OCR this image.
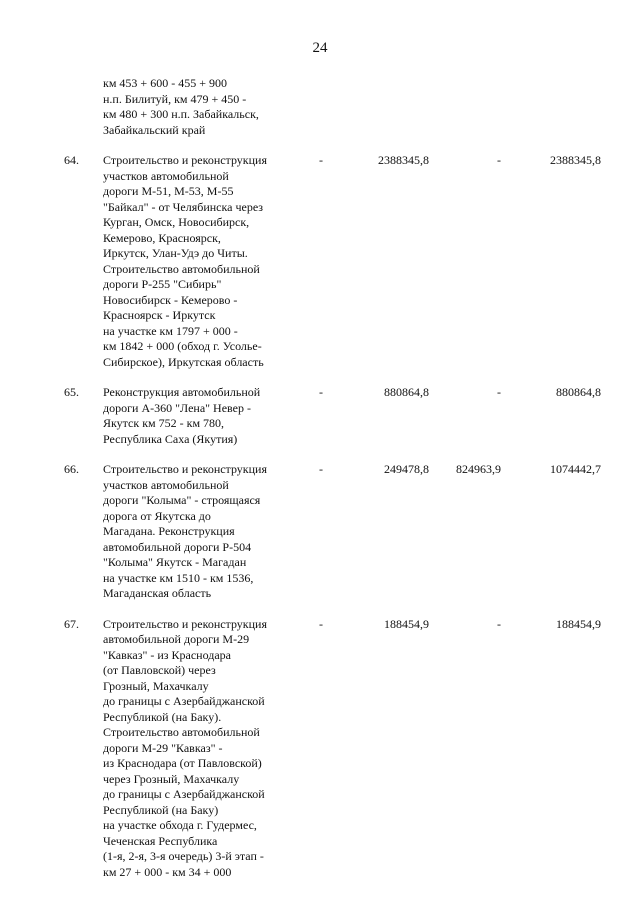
24
км 453 + 600 - 455 + 900
н.п. Билитуй, км 479 + 450 -
км 480 + 300 н.п. Забайкальск,
Забайкальский край
64.	Строительство и реконструкция
участков автомобильной
дороги М-51, М-53, М-55
"Байкал" - от Челябинска через
Курган, Омск, Новосибирск,
Кемерово, Красноярск,
Иркутск, Улан-Удэ до Читы.
Строительство автомобильной
дороги Р-255 "Сибирь"
Новосибирск - Кемерово -
Красноярск - Иркутск
на участке км 1797 + 000 -
км 1842 + 000 (обход г. Усолье-
Сибирское), Иркутская область
-	2388345,8	-	2388345,8
65.	Реконструкция автомобильной
дороги А-360 "Лена" Невер -
Якутск км 752 - км 780,
Республика Саха (Якутия)
-	880864,8	-	880864,8
66.	Строительство и реконструкция
участков автомобильной
дороги "Колыма" - строящаяся
дорога от Якутска до
Магадана. Реконструкция
автомобильной дороги Р-504
"Колыма" Якутск - Магадан
на участке км 1510 - км 1536,
Магаданская область
-	249478,8	824963,9	1074442,7
67.	Строительство и реконструкция
автомобильной дороги М-29
"Кавказ" - из Краснодара
(от Павловской) через
Грозный, Махачкалу
до границы с Азербайджанской
Республикой (на Баку).
Строительство автомобильной
дороги М-29 "Кавказ" -
из Краснодара (от Павловской)
через Грозный, Махачкалу
до границы с Азербайджанской
Республикой (на Баку)
на участке обхода г. Гудермес,
Чеченская Республика
(1-я, 2-я, 3-я очередь) 3-й этап -
км 27 + 000 - км 34 + 000
-	188454,9	-	188454,9
